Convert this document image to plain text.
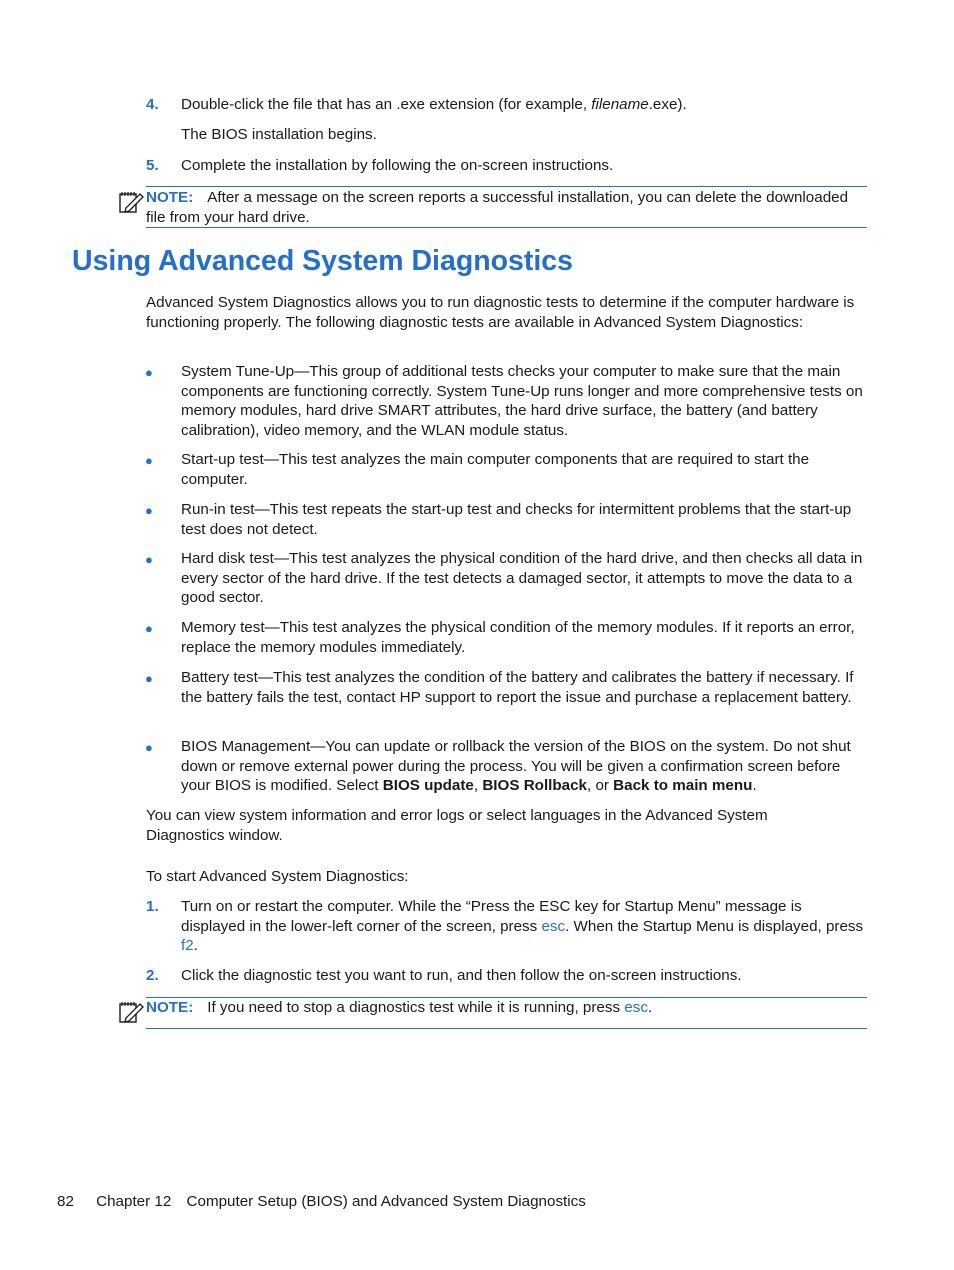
4. Double-click the file that has an .exe extension (for example, filename.exe).
The BIOS installation begins.
5. Complete the installation by following the on-screen instructions.
NOTE: After a message on the screen reports a successful installation, you can delete the downloaded file from your hard drive.
Using Advanced System Diagnostics
Advanced System Diagnostics allows you to run diagnostic tests to determine if the computer hardware is functioning properly. The following diagnostic tests are available in Advanced System Diagnostics:
● System Tune-Up—This group of additional tests checks your computer to make sure that the main components are functioning correctly. System Tune-Up runs longer and more comprehensive tests on memory modules, hard drive SMART attributes, the hard drive surface, the battery (and battery calibration), video memory, and the WLAN module status.
● Start-up test—This test analyzes the main computer components that are required to start the computer.
● Run-in test—This test repeats the start-up test and checks for intermittent problems that the start-up test does not detect.
● Hard disk test—This test analyzes the physical condition of the hard drive, and then checks all data in every sector of the hard drive. If the test detects a damaged sector, it attempts to move the data to a good sector.
● Memory test—This test analyzes the physical condition of the memory modules. If it reports an error, replace the memory modules immediately.
● Battery test—This test analyzes the condition of the battery and calibrates the battery if necessary. If the battery fails the test, contact HP support to report the issue and purchase a replacement battery.
● BIOS Management—You can update or rollback the version of the BIOS on the system. Do not shut down or remove external power during the process. You will be given a confirmation screen before your BIOS is modified. Select BIOS update, BIOS Rollback, or Back to main menu.
You can view system information and error logs or select languages in the Advanced System Diagnostics window.
To start Advanced System Diagnostics:
1. Turn on or restart the computer. While the “Press the ESC key for Startup Menu” message is displayed in the lower-left corner of the screen, press esc. When the Startup Menu is displayed, press f2.
2. Click the diagnostic test you want to run, and then follow the on-screen instructions.
NOTE: If you need to stop a diagnostics test while it is running, press esc.
82 Chapter 12 Computer Setup (BIOS) and Advanced System Diagnostics
